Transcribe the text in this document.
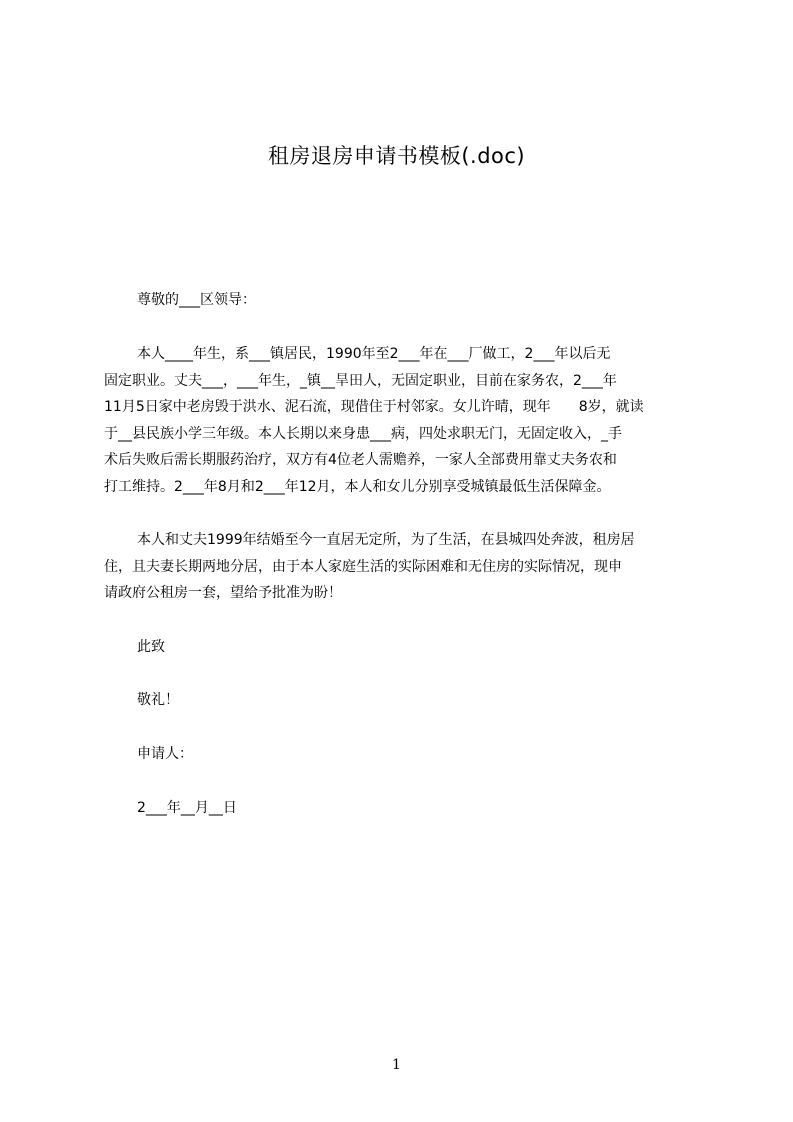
租房退房申请书模板(.doc)
尊敬的___区领导：
本人____年生，系___镇居民，1990年至2___年在___厂做工，2___年以后无
固定职业。丈夫___，___年生，_镇__旱田人，无固定职业，目前在家务农，2___年
11月5日家中老房毁于洪水、泥石流，现借住于村邻家。女儿许晴，现年　　8岁，就读
于__县民族小学三年级。本人长期以来身患___病，四处求职无门，无固定收入，_手
术后失败后需长期服药治疗，双方有4位老人需赡养，一家人全部费用靠丈夫务农和
打工维持。2___年8月和2___年12月，本人和女儿分别享受城镇最低生活保障金。
本人和丈夫1999年结婚至今一直居无定所，为了生活，在县城四处奔波，租房居
住，且夫妻长期两地分居，由于本人家庭生活的实际困难和无住房的实际情况，现申
请政府公租房一套，望给予批准为盼！
此致
敬礼！
申请人：
2___年__月__日
1
